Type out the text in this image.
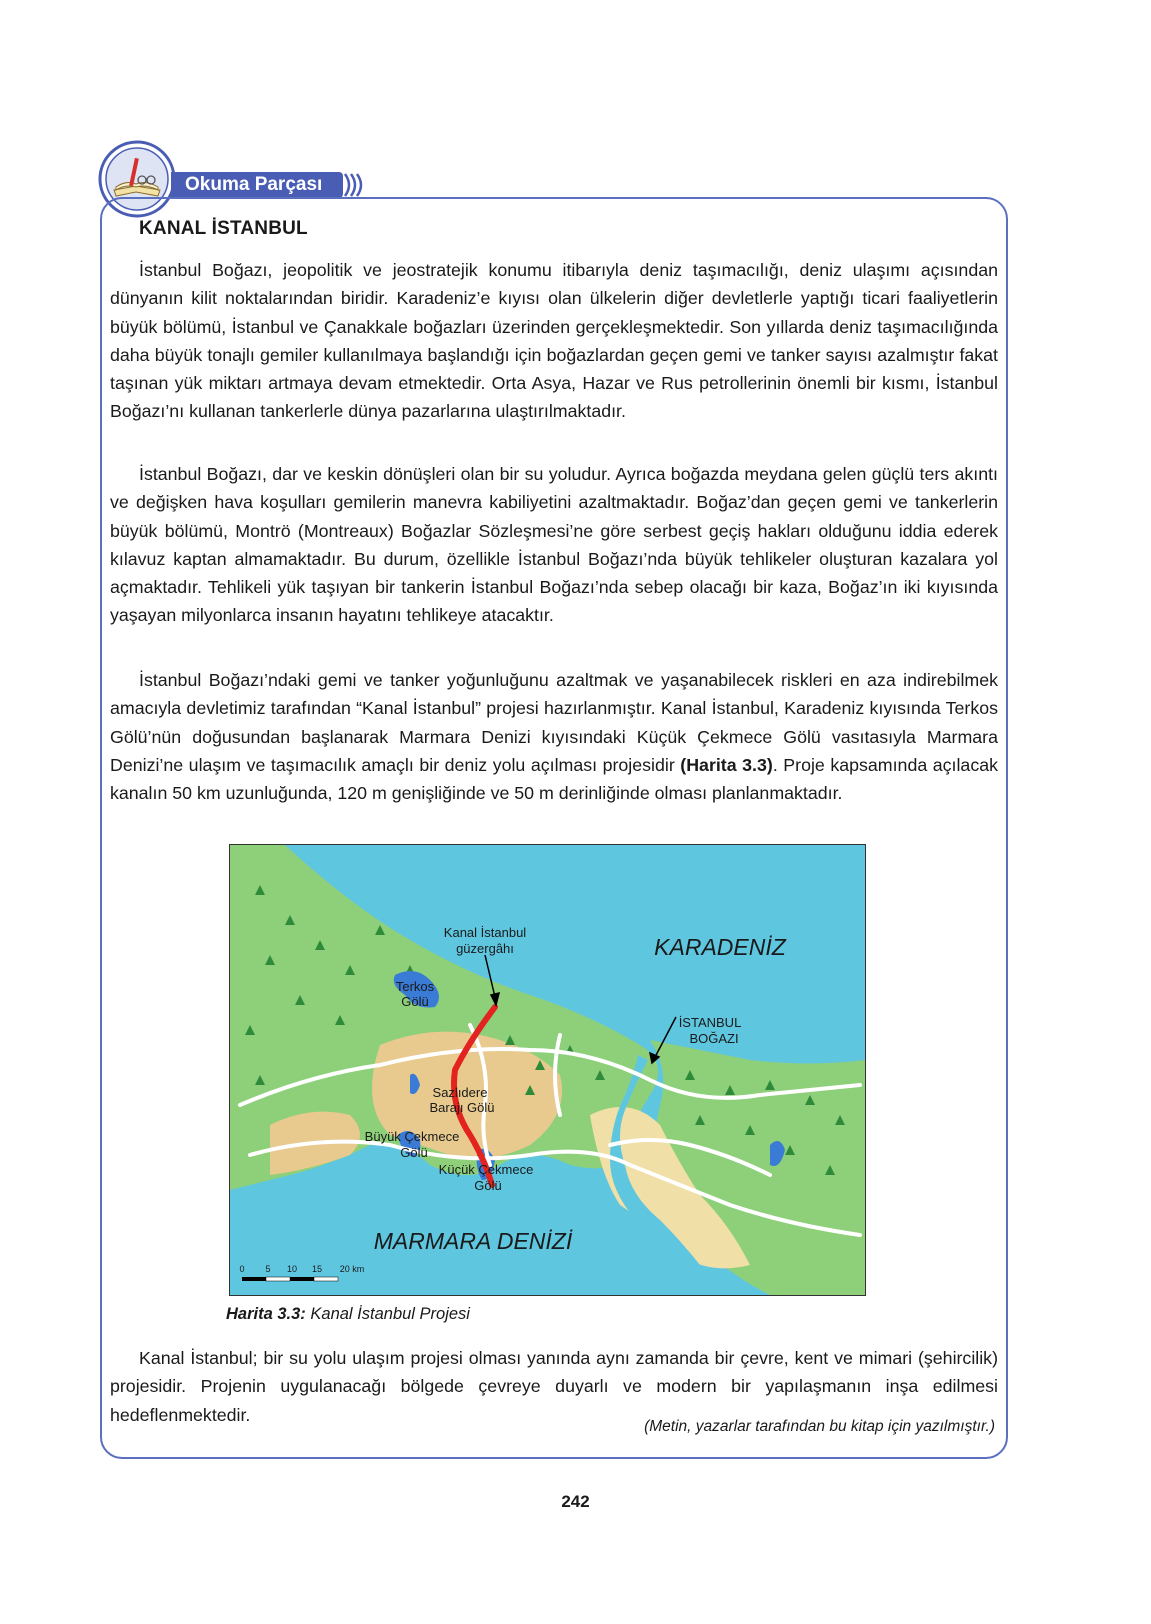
Okuma Parçası
KANAL İSTANBUL

İstanbul Boğazı, jeopolitik ve jeostratejik konumu itibarıyla deniz taşımacılığı, deniz ulaşımı açısından dünyanın kilit noktalarından biridir. Karadeniz’e kıyısı olan ülkelerin diğer devletlerle yaptığı ticari faaliyetlerin büyük bölümü, İstanbul ve Çanakkale boğazları üzerinden gerçekleşmektedir. Son yıllarda deniz taşımacılığında daha büyük tonajlı gemiler kullanılmaya başlandığı için boğazlardan geçen gemi ve tanker sayısı azalmıştır fakat taşınan yük miktarı artmaya devam etmektedir. Orta Asya, Hazar ve Rus petrollerinin önemli bir kısmı, İstanbul Boğazı’nı kullanan tankerlerle dünya pazarlarına ulaştırılmaktadır.

İstanbul Boğazı, dar ve keskin dönüşleri olan bir su yoludur. Ayrıca boğazda meydana gelen güçlü ters akıntı ve değişken hava koşulları gemilerin manevra kabiliyetini azaltmaktadır. Boğaz’dan geçen gemi ve tankerlerin büyük bölümü, Montrö (Montreaux) Boğazlar Sözleşmesi’ne göre serbest geçiş hakları olduğunu iddia ederek kılavuz kaptan almamaktadır. Bu durum, özellikle İstanbul Boğazı’nda büyük tehlikeler oluşturan kazalara yol açmaktadır. Tehlikeli yük taşıyan bir tankerin İstanbul Boğazı’nda sebep olacağı bir kaza, Boğaz’ın iki kıyısında yaşayan milyonlarca insanın hayatını tehlikeye atacaktır.

İstanbul Boğazı’ndaki gemi ve tanker yoğunluğunu azaltmak ve yaşanabilecek riskleri en aza indirebilmek amacıyla devletimiz tarafından “Kanal İstanbul” projesi hazırlanmıştır. Kanal İstanbul, Karadeniz kıyısında Terkos Gölü’nün doğusundan başlanarak Marmara Denizi kıyısındaki Küçük Çekmece Gölü vasıtasıyla Marmara Denizi’ne ulaşım ve taşımacılık amaçlı bir deniz yolu açılması projesidir (Harita 3.3). Proje kapsamında açılacak kanalın 50 km uzunluğunda, 120 m genişliğinde ve 50 m derinliğinde olması planlanmaktadır.

KARADENİZ
MARMARA DENİZİ
Kanal İstanbul
güzergâhı
Terkos
Gölü
İSTANBUL
BOĞAZI
Sazlıdere
Barajı Gölü
Büyük Çekmece
Gölü
Küçük Çekmece
Gölü
0 5 10 15 20 km
Harita 3.3: Kanal İstanbul Projesi

Kanal İstanbul; bir su yolu ulaşım projesi olması yanında aynı zamanda bir çevre, kent ve mimari (şehircilik) projesidir. Projenin uygulanacağı bölgede çevreye duyarlı ve modern bir yapılaşmanın inşa edilmesi hedeflenmektedir.

(Metin, yazarlar tarafından bu kitap için yazılmıştır.)
242
